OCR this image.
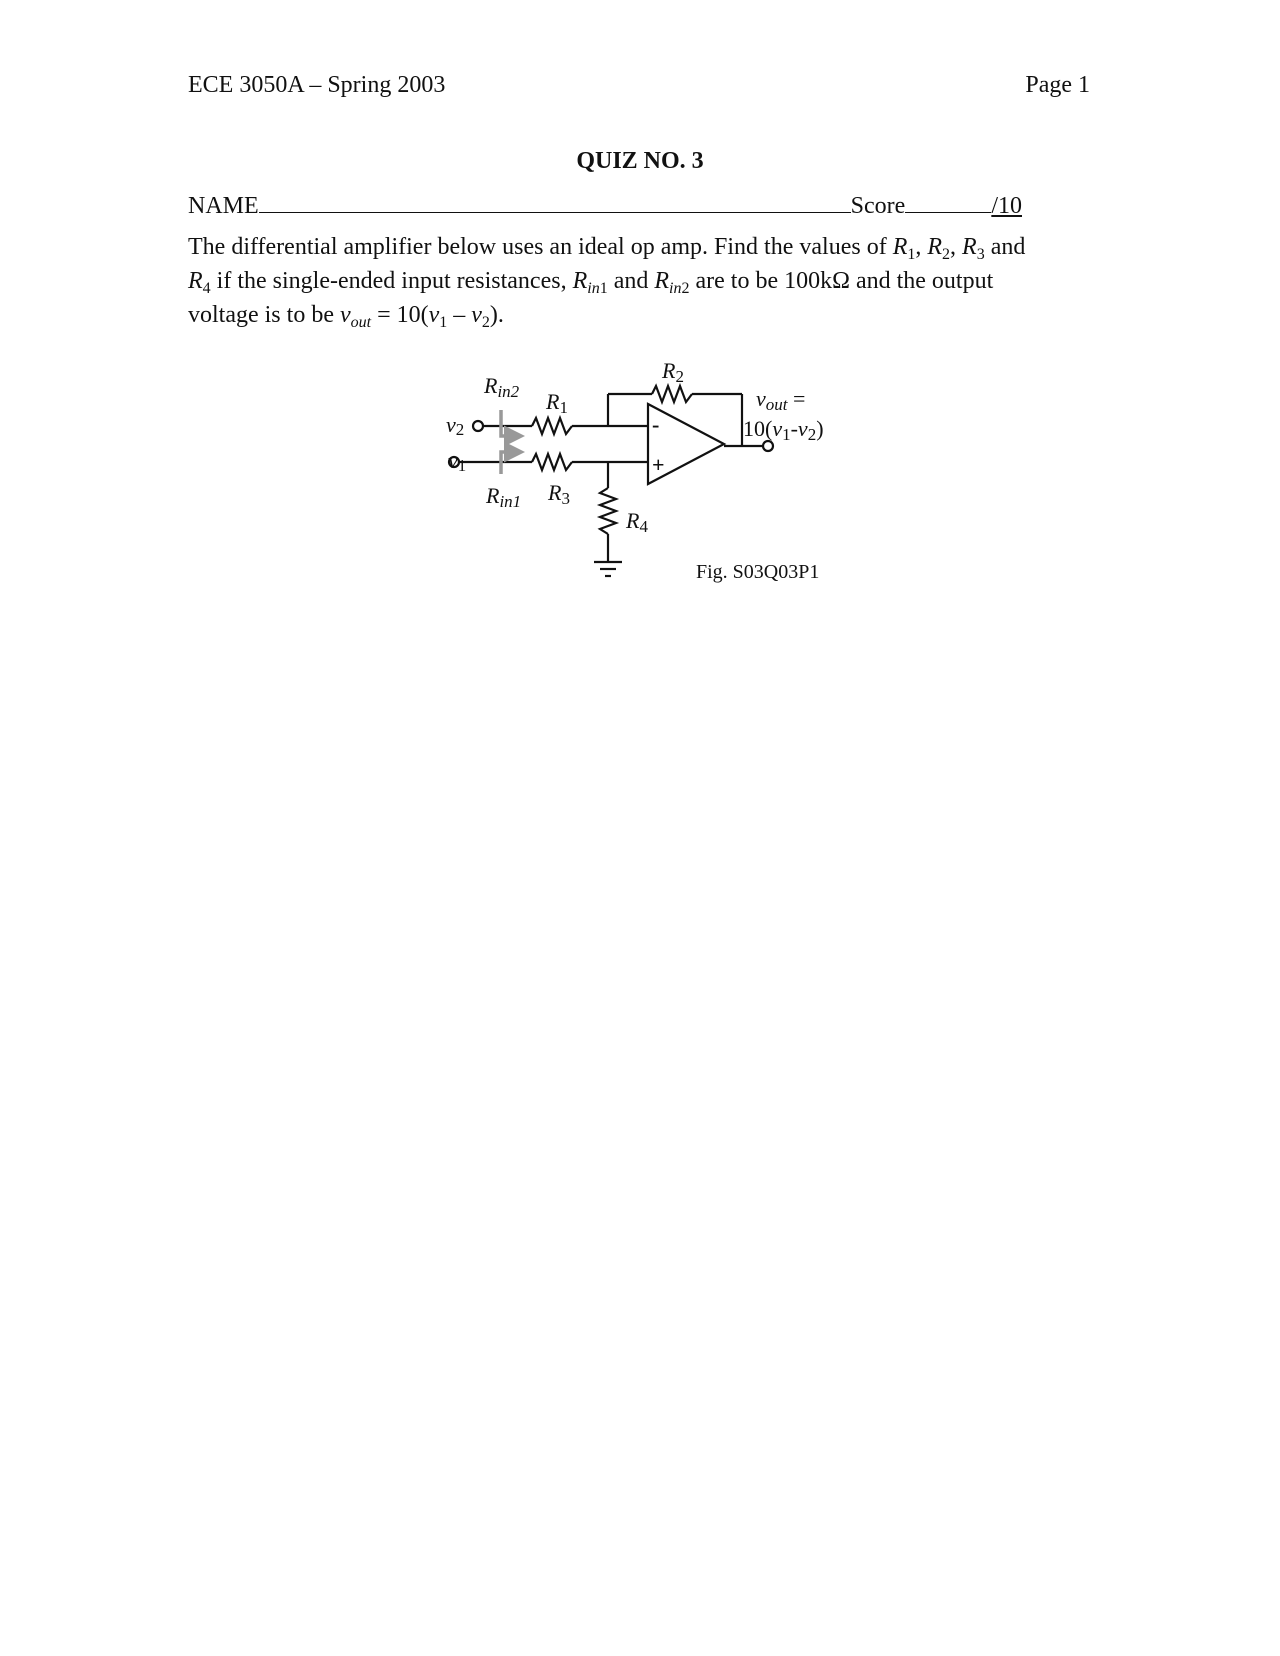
ECE 3050A – Spring 2003	Page 1
QUIZ NO. 3
NAME	Score	/10
The differential amplifier below uses an ideal op amp. Find the values of $R_1$, $R_2$, $R_3$ and
$R_4$ if the single-ended input resistances, $R_{in1}$ and $R_{in2}$ are to be 100kΩ and the output
voltage is to be $v_{out} = 10(v_1 - v_2)$.
Rin2 R1
R2
R3
R4
Rin1
v2
v1
vout =
10(v1-v2)
-
+
Fig. S03Q03P1
